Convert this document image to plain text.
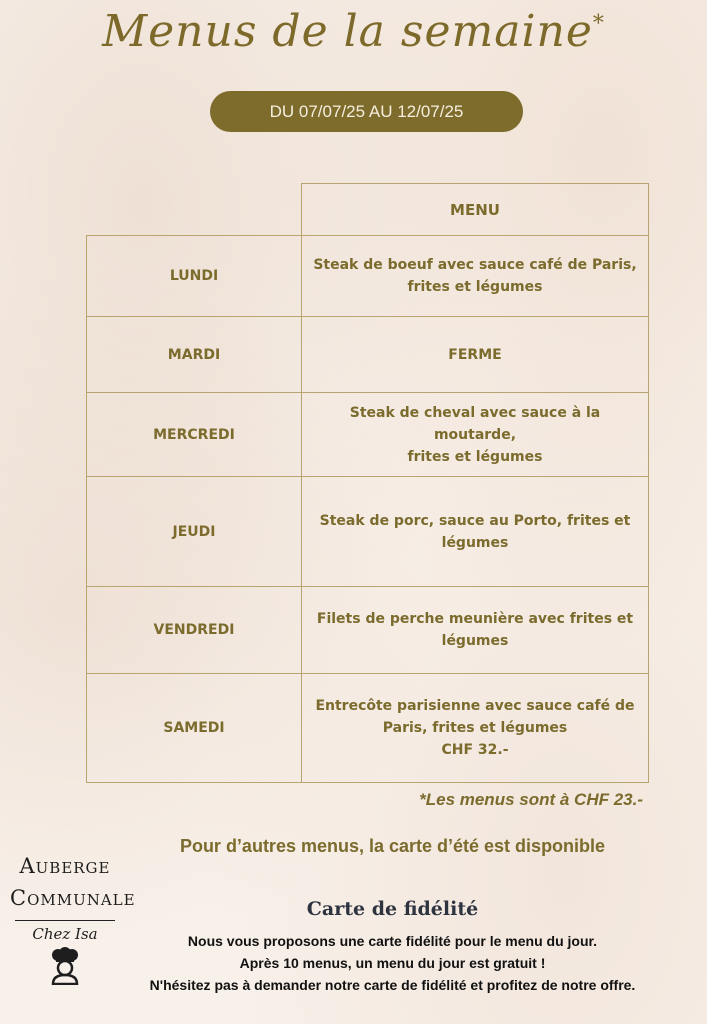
Menus de la semaine*
DU 07/07/25 AU 12/07/25
	MENU
LUNDI	Steak de boeuf avec sauce café de Paris,
frites et légumes

MARDI	FERME

MERCREDI	Steak de cheval avec sauce à la moutarde,
frites et légumes

JEUDI	Steak de porc, sauce au Porto, frites et
légumes

VENDREDI	Filets de perche meunière avec frites et
légumes

SAMEDI	Entrecôte parisienne avec sauce café de
Paris, frites et légumes
CHF 32.-
*Les menus sont à CHF 23.-
Pour d’autres menus, la carte d’été est disponible
Auberge
Communale
Chez Isa
Carte de fidélité
Nous vous proposons une carte fidélité pour le menu du jour.
Après 10 menus, un menu du jour est gratuit !
N'hésitez pas à demander notre carte de fidélité et profitez de notre offre.
